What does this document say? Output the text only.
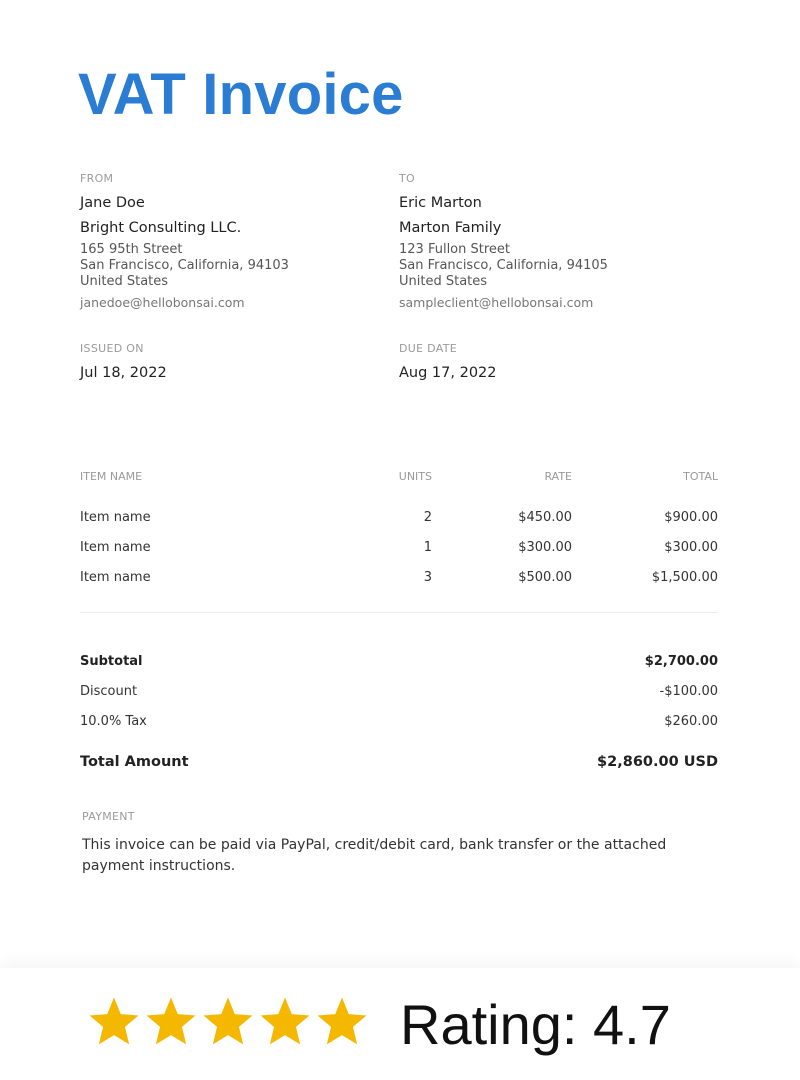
VAT Invoice
FROM
Jane Doe
Bright Consulting LLC.
165 95th Street
San Francisco, California, 94103
United States
janedoe@hellobonsai.com
TO
Eric Marton
Marton Family
123 Fullon Street
San Francisco, California, 94105
United States
sampleclient@hellobonsai.com
ISSUED ON
Jul 18, 2022
DUE DATE
Aug 17, 2022
ITEM NAME	UNITS	RATE	TOTAL
Item name	2	$450.00	$900.00
Item name	1	$300.00	$300.00
Item name	3	$500.00	$1,500.00
Subtotal	$2,700.00
Discount	-$100.00
10.0% Tax	$260.00
Total Amount	$2,860.00 USD
PAYMENT
This invoice can be paid via PayPal, credit/debit card, bank transfer or the attached payment instructions.
Rating: 4.7
